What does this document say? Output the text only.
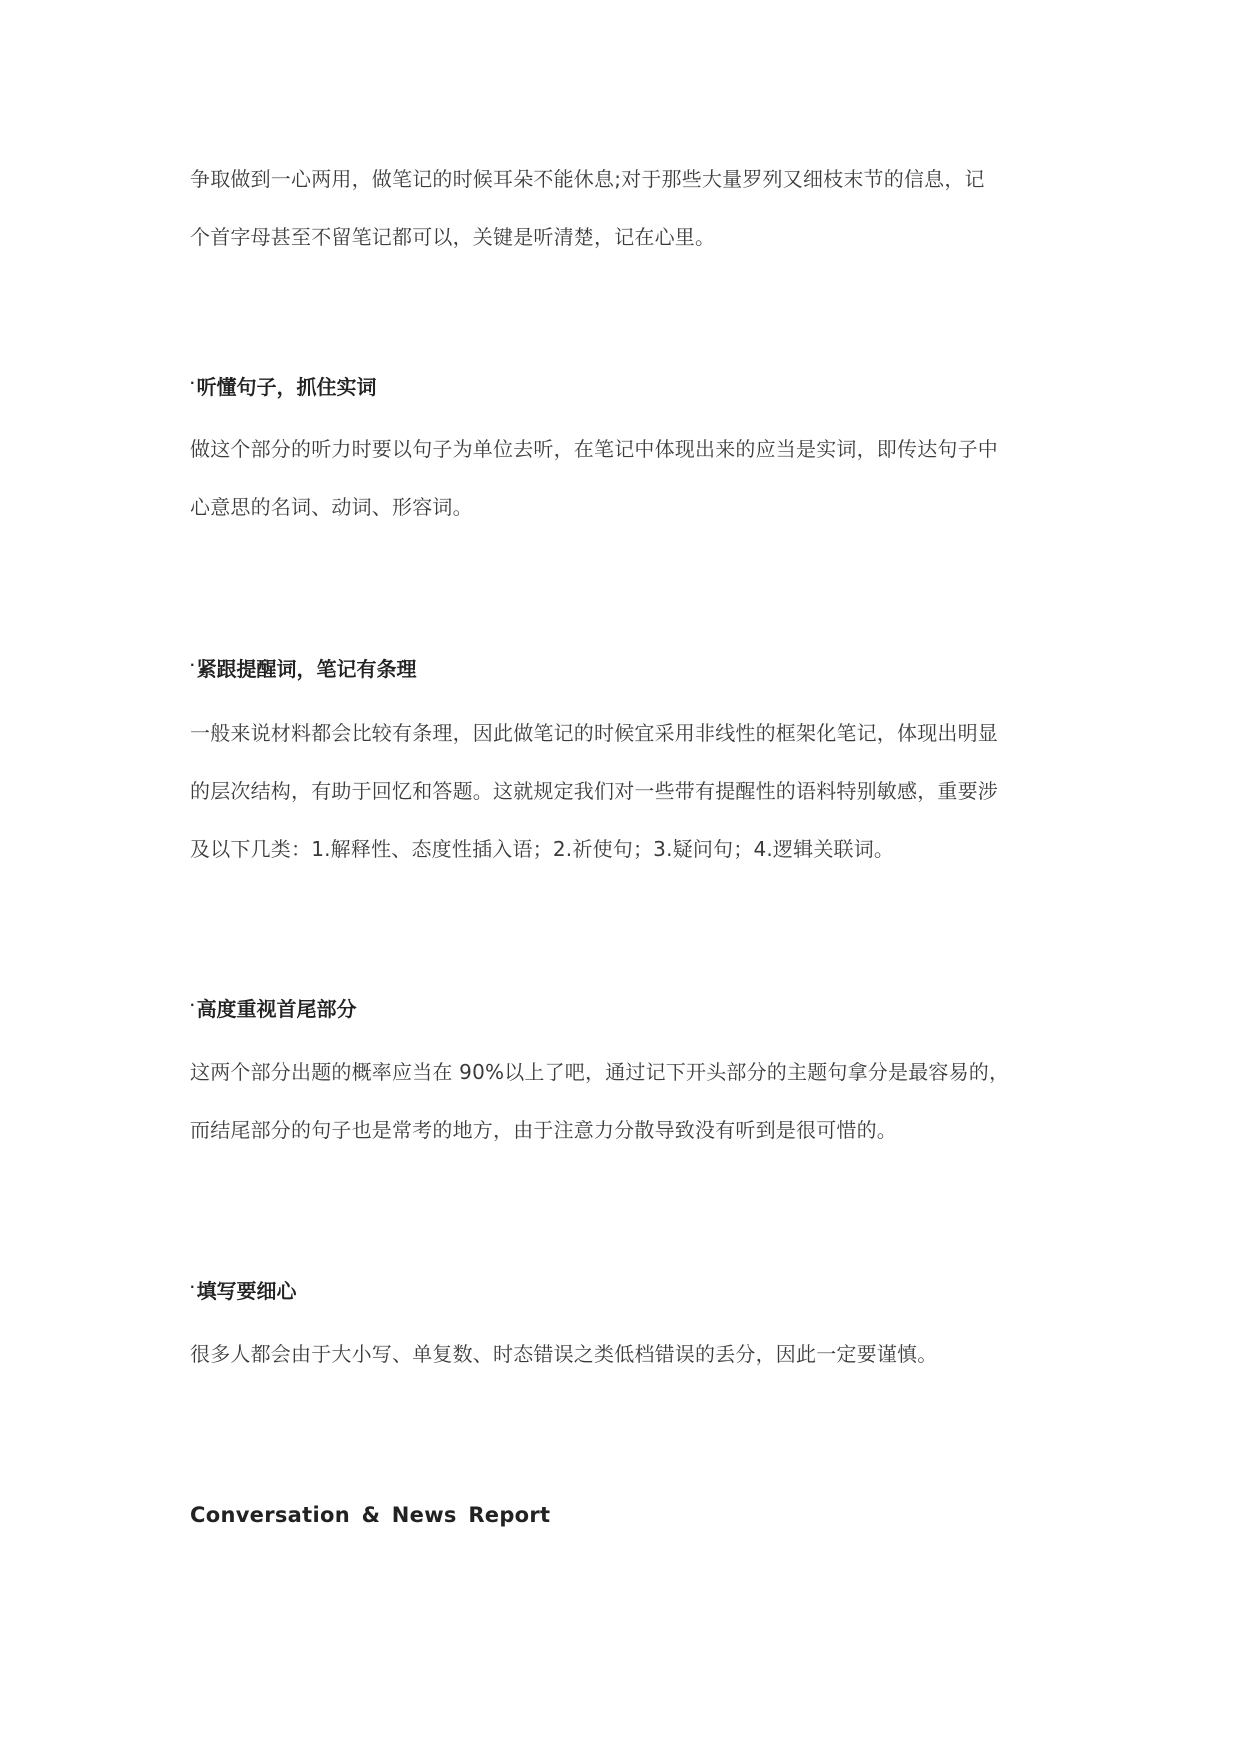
争取做到一心两用，做笔记的时候耳朵不能休息;对于那些大量罗列又细枝末节的信息，记
个首字母甚至不留笔记都可以，关键是听清楚，记在心里。
· 听懂句子，抓住实词
做这个部分的听力时要以句子为单位去听，在笔记中体现出来的应当是实词，即传达句子中
心意思的名词、动词、形容词。
· 紧跟提醒词，笔记有条理
一般来说材料都会比较有条理，因此做笔记的时候宜采用非线性的框架化笔记，体现出明显
的层次结构，有助于回忆和答题。这就规定我们对一些带有提醒性的语料特别敏感，重要涉
及以下几类：1.解释性、态度性插入语；2.祈使句；3.疑问句；4.逻辑关联词。
· 高度重视首尾部分
这两个部分出题的概率应当在 90%以上了吧，通过记下开头部分的主题句拿分是最容易的，
而结尾部分的句子也是常考的地方，由于注意力分散导致没有听到是很可惜的。
· 填写要细心
很多人都会由于大小写、单复数、时态错误之类低档错误的丢分，因此一定要谨慎。
Conversation & News Report
